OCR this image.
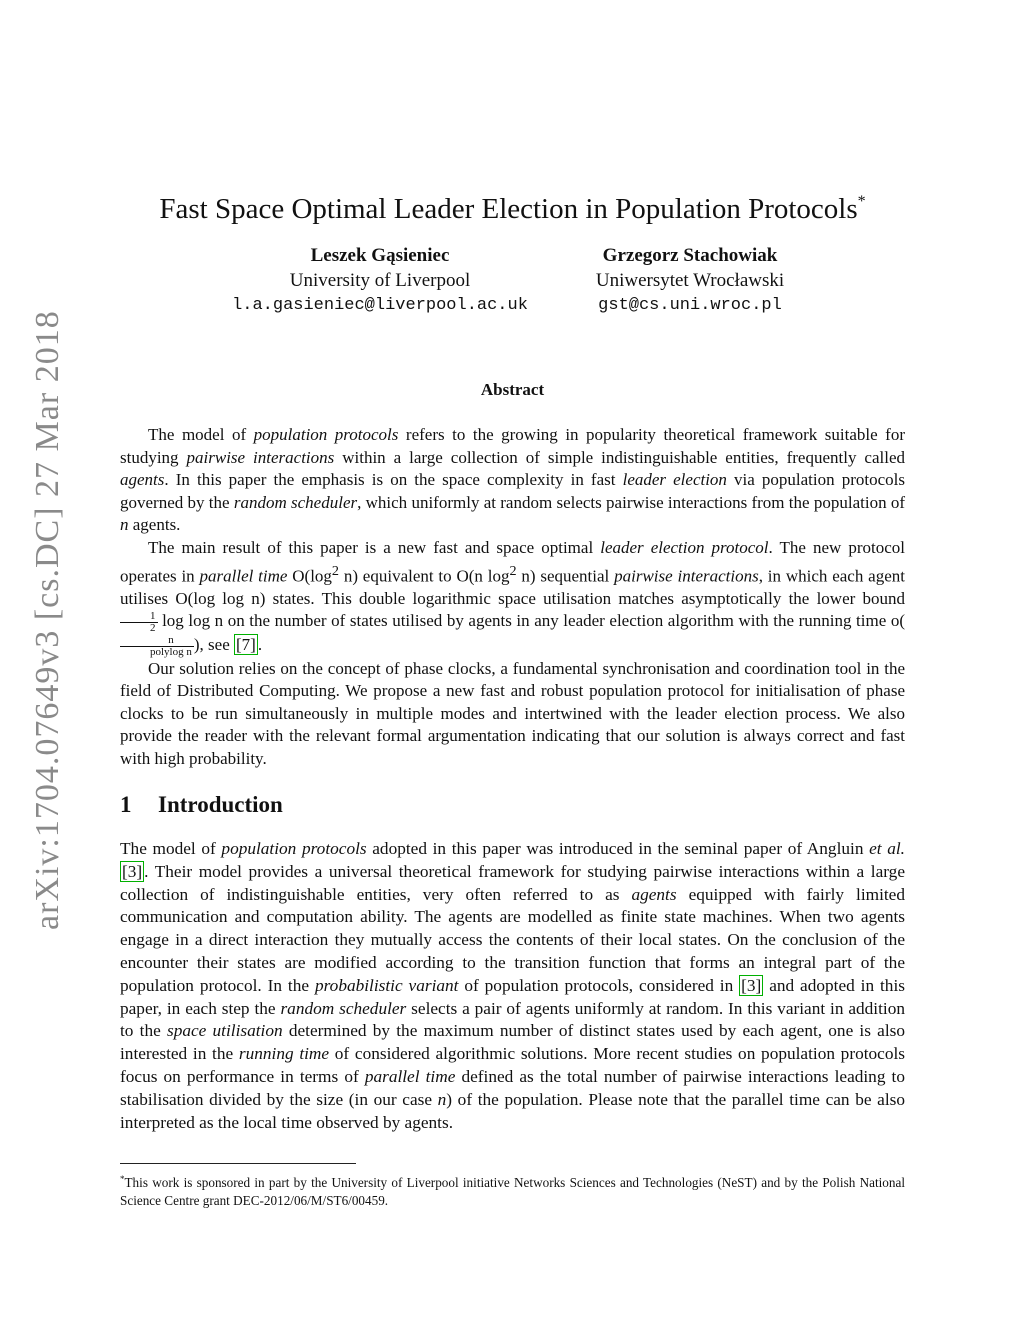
arXiv:1704.07649v3 [cs.DC] 27 Mar 2018
Fast Space Optimal Leader Election in Population Protocols*
Leszek Gąsieniec
University of Liverpool
l.a.gasieniec@liverpool.ac.uk
Grzegorz Stachowiak
Uniwersytet Wrocławski
gst@cs.uni.wroc.pl
Abstract

The model of population protocols refers to the growing in popularity theoretical framework suitable for studying pairwise interactions within a large collection of simple indistinguishable entities, frequently called agents. In this paper the emphasis is on the space complexity in fast leader election via population protocols governed by the random scheduler, which uniformly at random selects pairwise interactions from the population of n agents.

The main result of this paper is a new fast and space optimal leader election protocol. The new protocol operates in parallel time $O(\log^2$ n) equivalent to O(n $\log^2 n$) sequential pairwise interactions, in which each agent utilises O(log log n) states. This double logarithmic space utilisation matches asymptotically the lower bound
$\frac{1}{2}$ log log n on the number of states utilised by agents in any leader election algorithm with the running time o(
$\frac{n}{\text{polylog n}}$ ), see [7] .

Our solution relies on the concept of phase clocks, a fundamental synchronisation and coordination tool in the field of Distributed Computing. We propose a new fast and robust population protocol for initialisation of phase clocks to be run simultaneously in multiple modes and intertwined with the leader election process. We also provide the reader with the relevant formal argumentation indicating that our solution is always correct and fast with high probability.

1 Introduction

The model of population protocols adopted in this paper was introduced in the seminal paper of Angluin et al. [3] . Their model provides a universal theoretical framework for studying pairwise interactions within a large collection of indistinguishable entities, very often referred to as agents equipped with fairly limited communication and computation ability. The agents are modelled as finite state machines. When two agents engage in a direct interaction they mutually access the contents of their local states. On the conclusion of the encounter their states are modified according to the transition function that forms an integral part of the population protocol. In the probabilistic variant of population protocols, considered in [3] and adopted in this paper, in each step the random scheduler selects a pair of agents uniformly at random. In this variant in addition to the space utilisation determined by the maximum number of distinct states used by each agent, one is also interested in the running time of considered algorithmic solutions. More recent studies on population protocols focus on performance in terms of parallel time defined as the total number of pairwise interactions leading to stabilisation divided by the size (in our case n) of the population. Please note that the parallel time can be also interpreted as the local time observed by agents.

*This work is sponsored in part by the University of Liverpool initiative Networks Sciences and Technologies (NeST) and by the Polish National Science Centre grant DEC-2012/06/M/ST6/00459.
